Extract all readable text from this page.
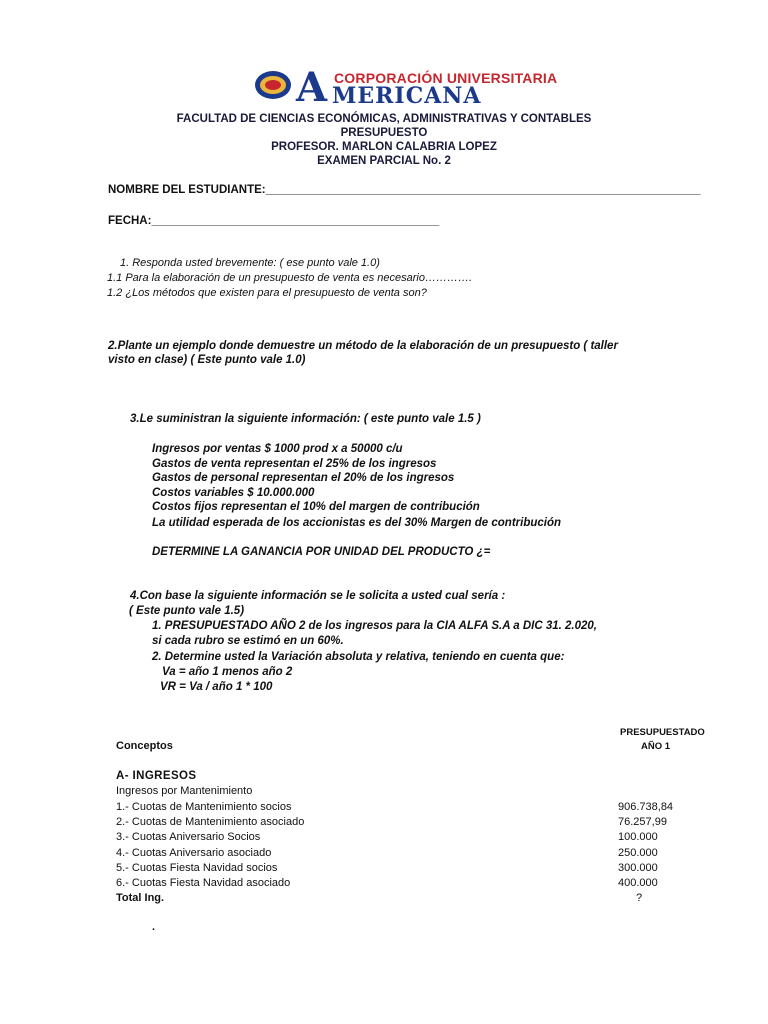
CORPORACIÓN UNIVERSITARIA
A MERICANA
FACULTAD DE CIENCIAS ECONÓMICAS, ADMINISTRATIVAS Y CONTABLES
PRESUPUESTO
PROFESOR. MARLON CALABRIA LOPEZ
EXAMEN PARCIAL No. 2
NOMBRE DEL ESTUDIANTE:____________________________________________________________________
FECHA:_____________________________________________
1. Responda usted brevemente: ( ese punto vale 1.0)
1.1 Para la elaboración de un presupuesto de venta es necesario………….
1.2 ¿Los métodos que existen para el presupuesto de venta son?
2.Plante un ejemplo donde demuestre un método de la elaboración de un presupuesto ( taller
visto en clase) ( Este punto vale 1.0)
3.Le suministran la siguiente información: ( este punto vale 1.5 )
Ingresos por ventas $ 1000 prod x a 50000 c/u
Gastos de venta representan el 25% de los ingresos
Gastos de personal representan el 20% de los ingresos
Costos variables $ 10.000.000
Costos fijos representan el 10% del margen de contribución
La utilidad esperada de los accionistas es del 30% Margen de contribución
DETERMINE LA GANANCIA POR UNIDAD DEL PRODUCTO ¿=
4.Con base la siguiente información se le solicita a usted cual sería :
( Este punto vale 1.5)
1. PRESUPUESTADO AÑO 2 de los ingresos para la CIA ALFA S.A a DIC 31. 2.020,
si cada rubro se estimó en un 60%.
2. Determine usted la Variación absoluta y relativa, teniendo en cuenta que:
Va = año 1 menos año 2
VR = Va / año 1 * 100
PRESUPUESTADO
AÑO 1
Conceptos
A- INGRESOS
Ingresos por Mantenimiento
1.- Cuotas de Mantenimiento socios	906.738,84
2.- Cuotas de Mantenimiento asociado	76.257,99
3.- Cuotas Aniversario Socios	100.000
4.- Cuotas Aniversario asociado	250.000
5.- Cuotas Fiesta Navidad socios	300.000
6.- Cuotas Fiesta Navidad asociado	400.000
Total Ing.	?
.
